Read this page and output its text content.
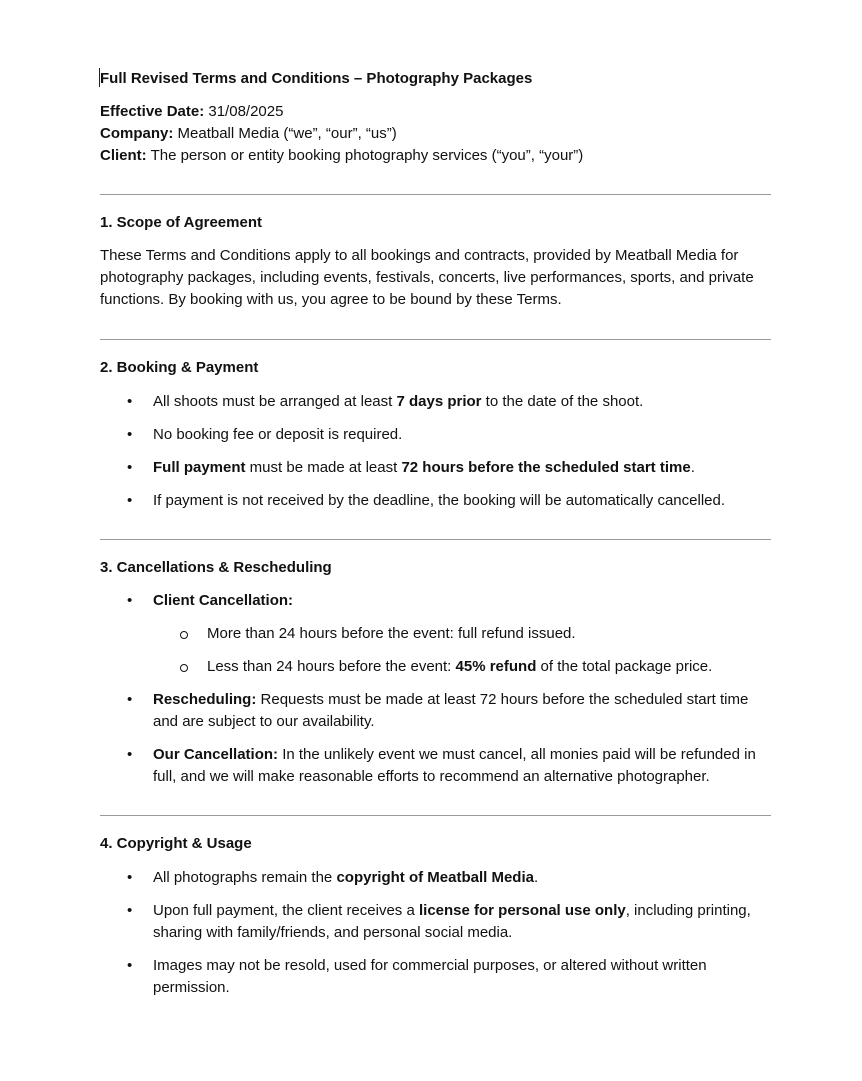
Full Revised Terms and Conditions – Photography Packages
Effective Date: 31/08/2025
Company: Meatball Media (“we”, “our”, “us”)
Client: The person or entity booking photography services (“you”, “your”)
1. Scope of Agreement

These Terms and Conditions apply to all bookings and contracts, provided by Meatball Media for photography packages, including events, festivals, concerts, live performances, sports, and private functions. By booking with us, you agree to be bound by these Terms.

2. Booking & Payment
• All shoots must be arranged at least 7 days prior to the date of the shoot.
• No booking fee or deposit is required.
• Full payment must be made at least 72 hours before the scheduled start time.
• If payment is not received by the deadline, the booking will be automatically cancelled.
3. Cancellations & Rescheduling
• Client Cancellation:
More than 24 hours before the event: full refund issued.
Less than 24 hours before the event: 45% refund of the total package price.
• Rescheduling: Requests must be made at least 72 hours before the scheduled start time and are subject to our availability.
• Our Cancellation: In the unlikely event we must cancel, all monies paid will be refunded in full, and we will make reasonable efforts to recommend an alternative photographer.
4. Copyright & Usage
• All photographs remain the copyright of Meatball Media.
• Upon full payment, the client receives a license for personal use only, including printing, sharing with family/friends, and personal social media.
• Images may not be resold, used for commercial purposes, or altered without written permission.
